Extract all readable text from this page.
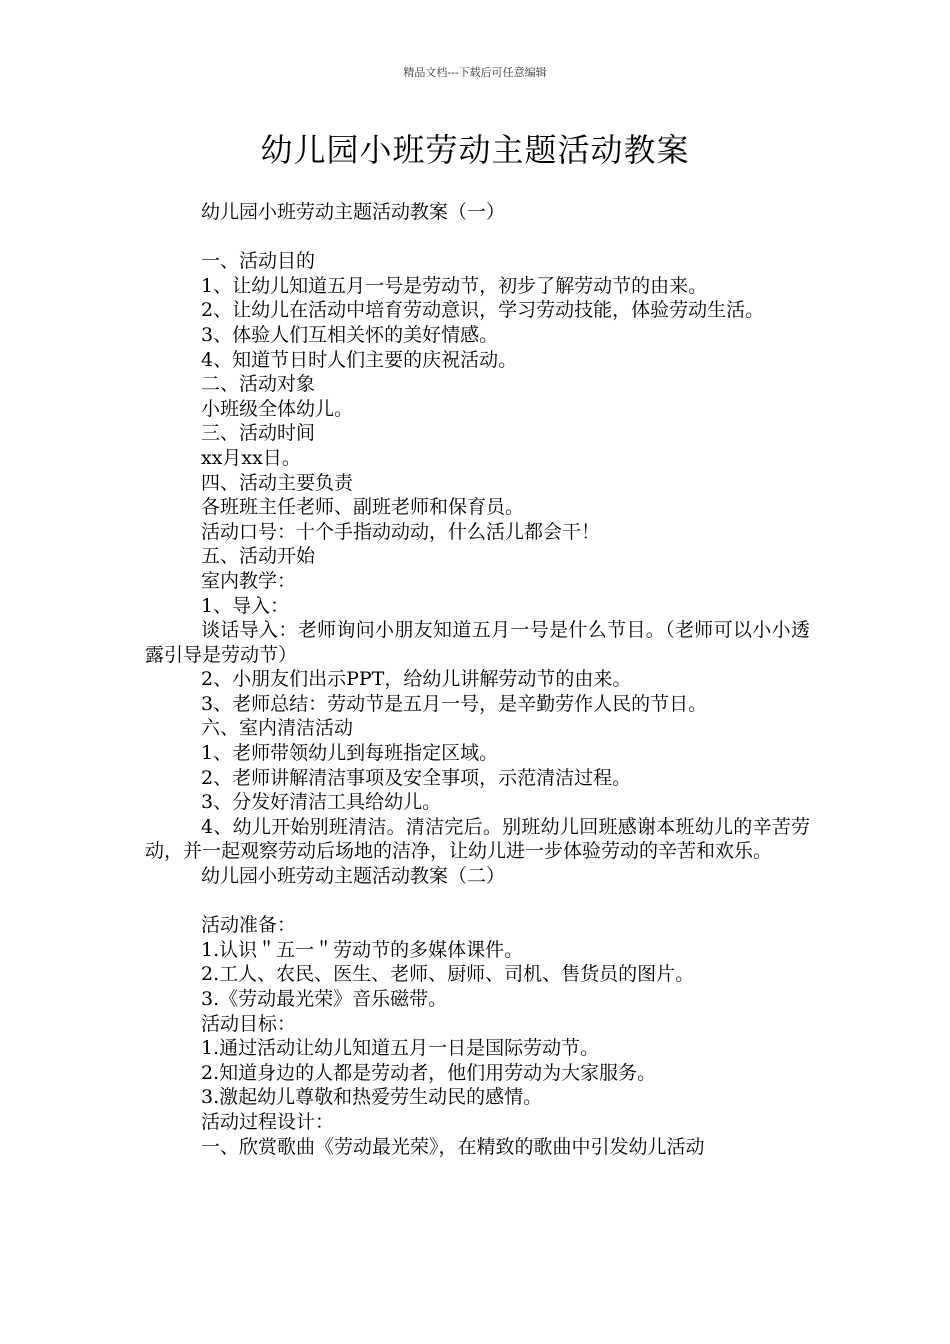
精品文档---下载后可任意编辑
幼儿园小班劳动主题活动教案

幼儿园小班劳动主题活动教案（一）

一、活动目的

1、让幼儿知道五月一号是劳动节，初步了解劳动节的由来。

2、让幼儿在活动中培育劳动意识，学习劳动技能，体验劳动生活。

3、体验人们互相关怀的美好情感。

4、知道节日时人们主要的庆祝活动。

二、活动对象

小班级全体幼儿。

三、活动时间

xx月xx日。

四、活动主要负责

各班班主任老师、副班老师和保育员。

活动口号：十个手指动动动，什么活儿都会干！

五、活动开始

室内教学：

1、导入：

谈话导入：老师询问小朋友知道五月一号是什么节目。（老师可以小小透露引导是劳动节）

2、小朋友们出示PPT，给幼儿讲解劳动节的由来。

3、老师总结：劳动节是五月一号，是辛勤劳作人民的节日。

六、室内清洁活动

1、老师带领幼儿到每班指定区域。

2、老师讲解清洁事项及安全事项，示范清洁过程。

3、分发好清洁工具给幼儿。

4、幼儿开始别班清洁。清洁完后。别班幼儿回班感谢本班幼儿的辛苦劳动，并一起观察劳动后场地的洁净，让幼儿进一步体验劳动的辛苦和欢乐。

幼儿园小班劳动主题活动教案（二）

活动准备：

1.认识＂五一＂劳动节的多媒体课件。

2.工人、农民、医生、老师、厨师、司机、售货员的图片。

3.《劳动最光荣》音乐磁带。

活动目标：

1.通过活动让幼儿知道五月一日是国际劳动节。

2.知道身边的人都是劳动者，他们用劳动为大家服务。

3.激起幼儿尊敬和热爱劳生动民的感情。

活动过程设计：

一、欣赏歌曲《劳动最光荣》，在精致的歌曲中引发幼儿活动
